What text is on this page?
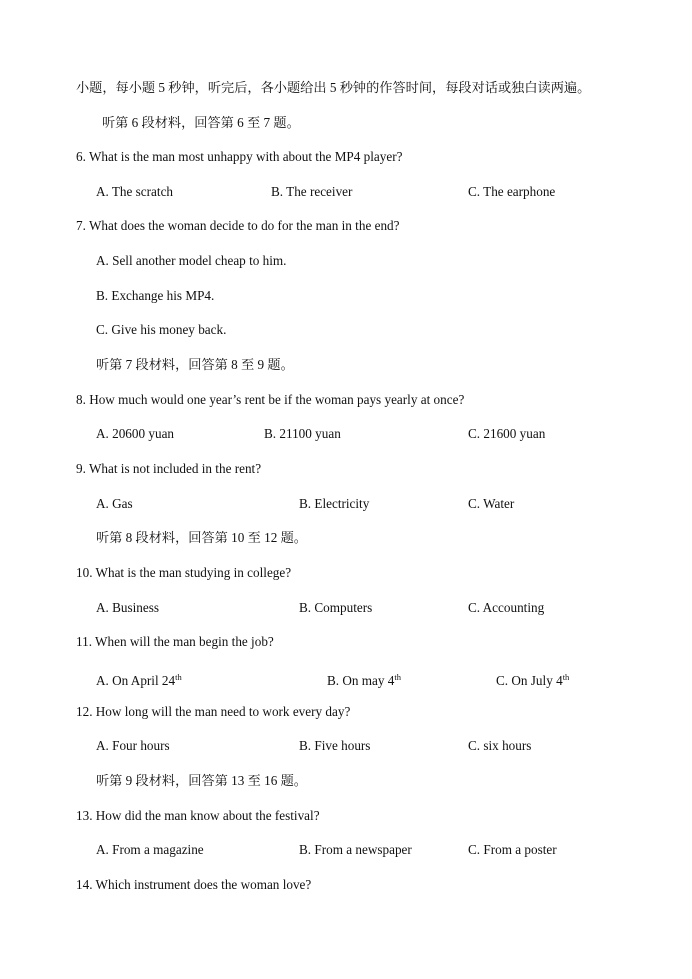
小题，每小题 5 秒钟，听完后，各小题给出 5 秒钟的作答时间，每段对话或独白读两遍。
听第 6 段材料，回答第 6 至 7 题。
6. What is the man most unhappy with about the MP4 player?
A. The scratch	B. The receiver	C. The earphone
7. What does the woman decide to do for the man in the end?
A. Sell another model cheap to him.
B. Exchange his MP4.
C. Give his money back.
听第 7 段材料，回答第 8 至 9 题。
8. How much would one year’s rent be if the woman pays yearly at once?
A. 20600 yuan	B. 21100 yuan	C. 21600 yuan
9. What is not included in the rent?
A. Gas	B. Electricity	C. Water
听第 8 段材料，回答第 10 至 12 题。
10. What is the man studying in college?
A. Business	B. Computers	C. Accounting
11. When will the man begin the job?
A. On April 24th	B. On may 4th	C. On July 4th
12. How long will the man need to work every day?
A. Four hours	B. Five hours	C. six hours
听第 9 段材料，回答第 13 至 16 题。
13. How did the man know about the festival?
A. From a magazine	B. From a newspaper	C. From a poster
14. Which instrument does the woman love?
